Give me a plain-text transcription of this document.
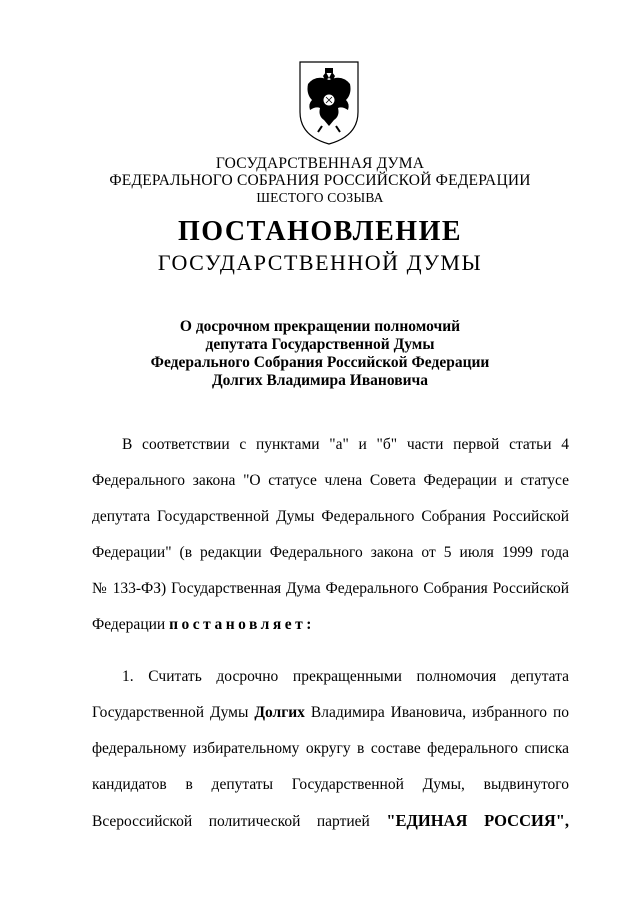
ГОСУДАРСТВЕННАЯ ДУМА
ФЕДЕРАЛЬНОГО СОБРАНИЯ РОССИЙСКОЙ ФЕДЕРАЦИИ
ШЕСТОГО СОЗЫВА
ПОСТАНОВЛЕНИЕ
ГОСУДАРСТВЕННОЙ ДУМЫ
О досрочном прекращении полномочий
депутата Государственной Думы
Федерального Собрания Российской Федерации
Долгих Владимира Ивановича
В соответствии с пунктами "а" и "б" части первой статьи 4
Федерального закона "О статусе члена Совета Федерации и статусе
депутата Государственной Думы Федерального Собрания Российской
Федерации" (в редакции Федерального закона от 5 июля 1999 года
№ 133-ФЗ) Государственная Дума Федерального Собрания Российской
Федерации постановляет:
1. Считать досрочно прекращенными полномочия депутата
Государственной Думы Долгих Владимира Ивановича, избранного по
федеральному избирательному округу в составе федерального списка
кандидатов в депутаты Государственной Думы, выдвинутого
Всероссийской политической партией "ЕДИНАЯ РОССИЯ",
